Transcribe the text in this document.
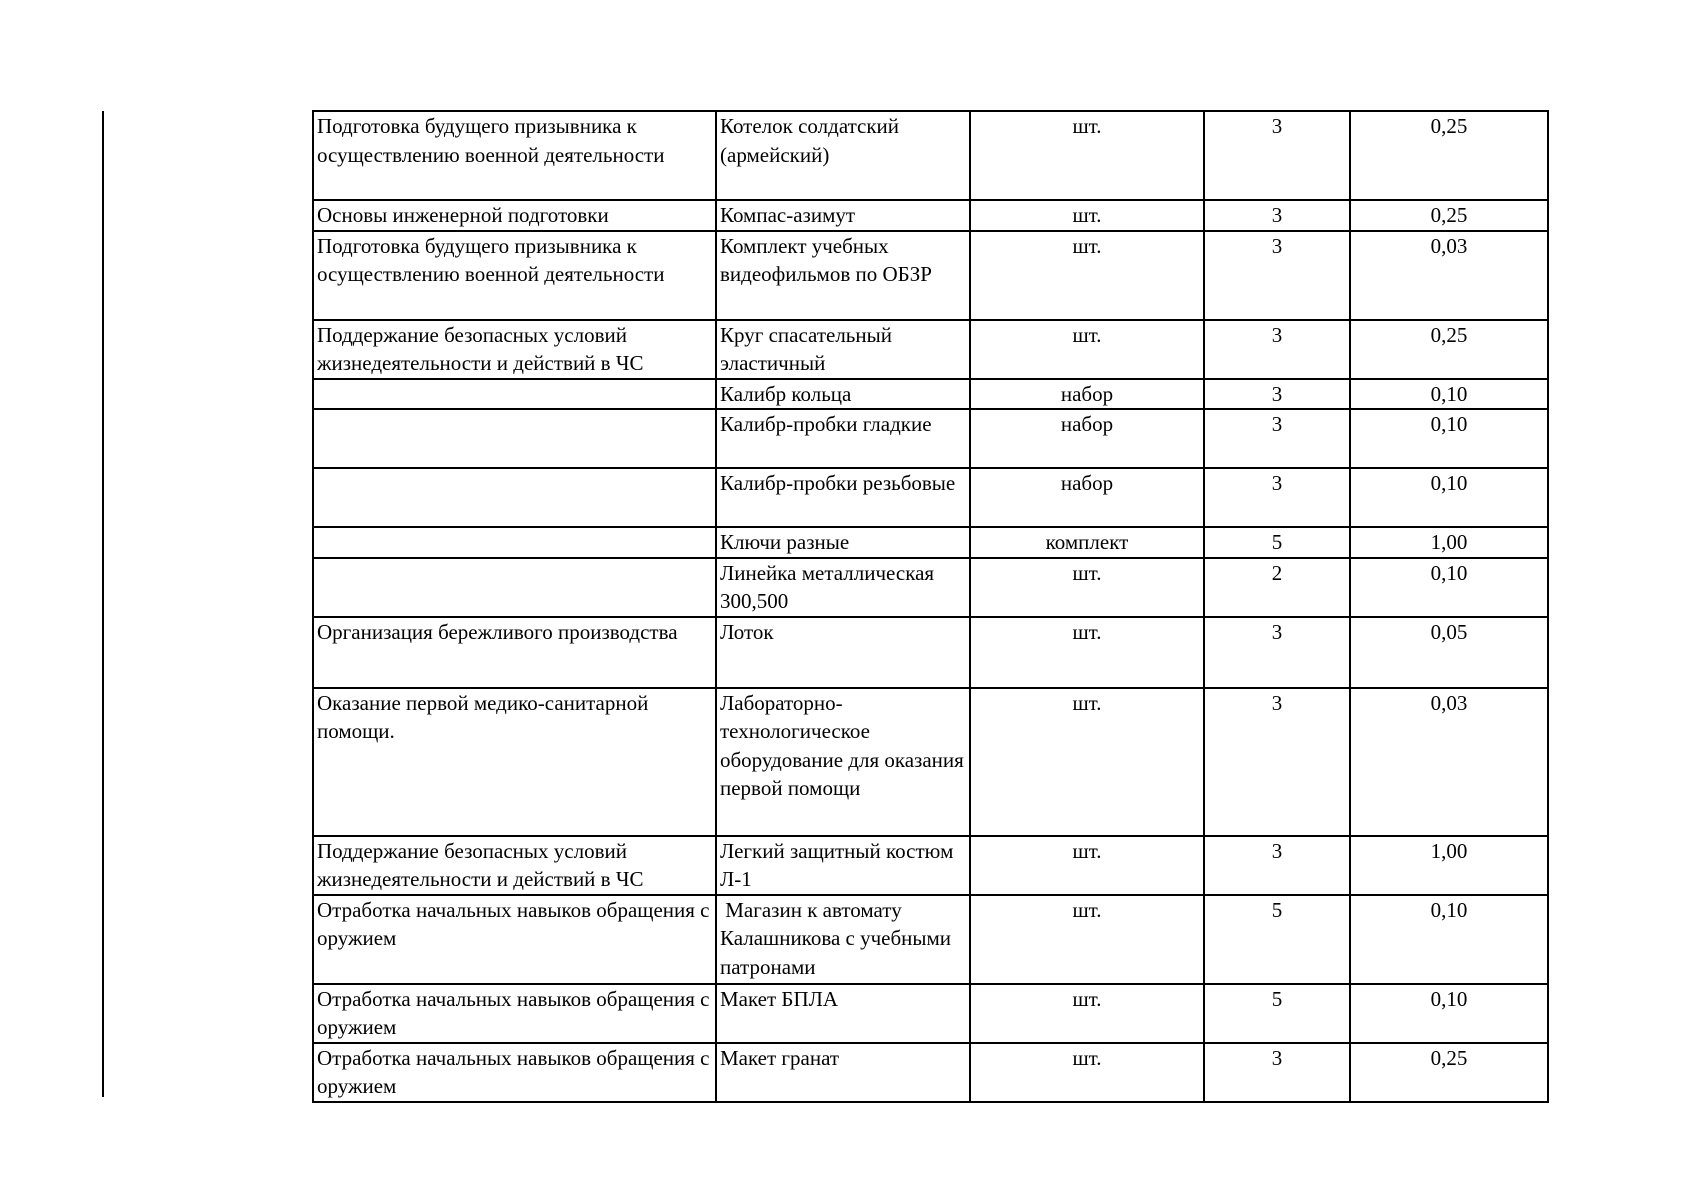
Подготовка будущего призывника к осуществлению военной деятельности	Котелок солдатский (армейский)	шт.	3	0,25
Основы инженерной подготовки	Компас-азимут	шт.	3	0,25
Подготовка будущего призывника к осуществлению военной деятельности	Комплект учебных видеофильмов по ОБЗР	шт.	3	0,03
Поддержание безопасных условий жизнедеятельности и действий в ЧС	Круг спасательный эластичный	шт.	3	0,25
	Калибр кольца	набор	3	0,10
	Калибр-пробки гладкие	набор	3	0,10
	Калибр-пробки резьбовые	набор	3	0,10
	Ключи разные	комплект	5	1,00
	Линейка металлическая 300,500	шт.	2	0,10
Организация бережливого производства	Лоток	шт.	3	0,05
Оказание первой медико-санитарной помощи.	Лабораторно-технологическое оборудование для оказания первой помощи	шт.	3	0,03
Поддержание безопасных условий жизнедеятельности и действий в ЧС	Легкий защитный костюм Л-1	шт.	3	1,00
Отработка начальных навыков обращения с оружием	Магазин к автомату Калашникова с учебными патронами	шт.	5	0,10
Отработка начальных навыков обращения с оружием	Макет БПЛА	шт.	5	0,10
Отработка начальных навыков обращения с оружием	Макет гранат	шт.	3	0,25
